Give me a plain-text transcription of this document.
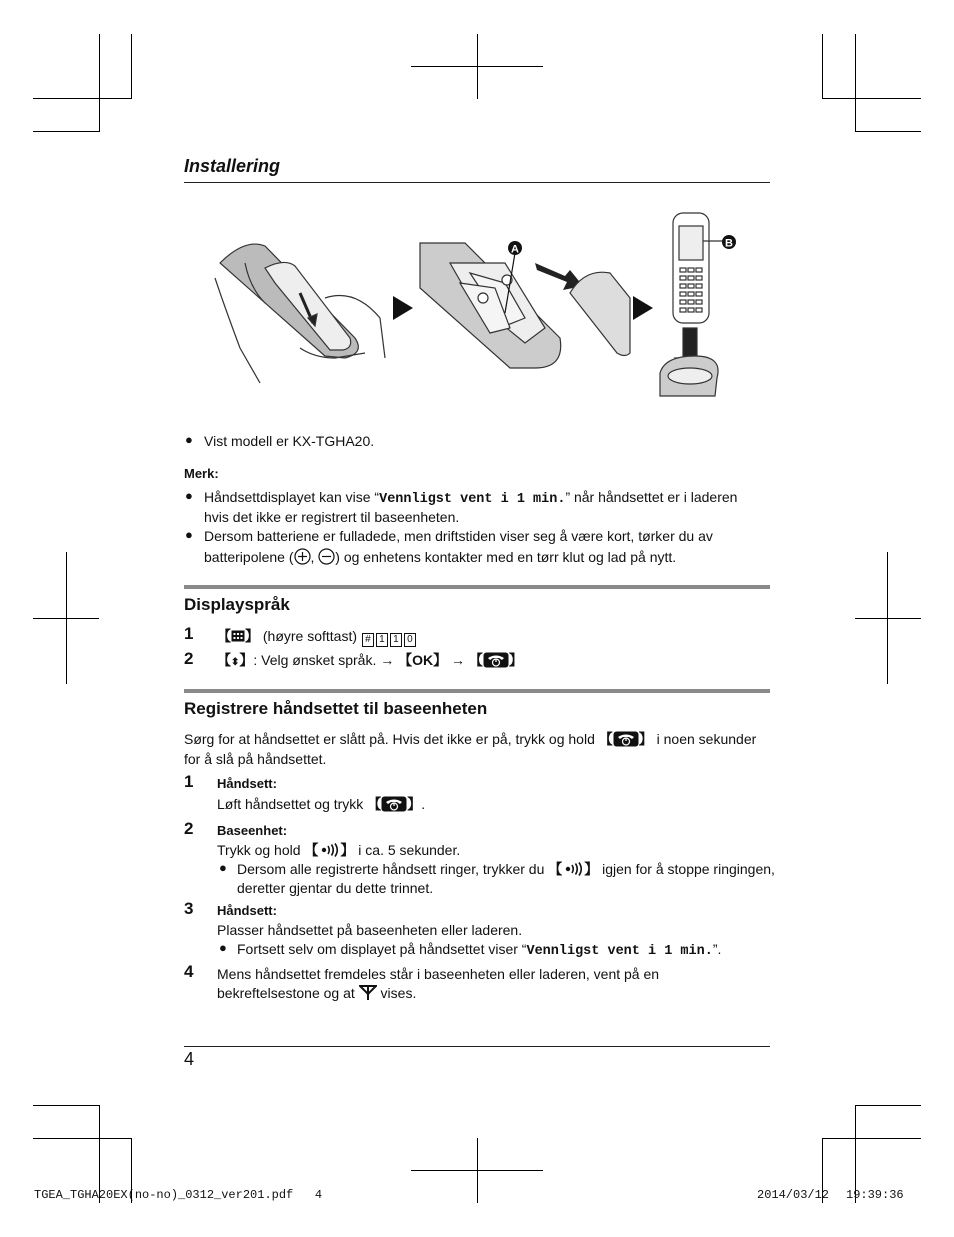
Installering
A	B
● Vist modell er KX-TGHA20.
Merk:
● Håndsettdisplayet kan vise “Vennligst vent i 1 min.” når håndsettet er i laderen
hvis det ikke er registrert til baseenheten.
● Dersom batteriene er fulladede, men driftstiden viser seg å være kort, tørker du av
batteripolene ( , ) og enhetens kontakter med en tørr klut og lad på nytt.
Displayspråk
1 【 】 (høyre softtast) # 1 1 0
2 【⬍】: Velg ønsket språk. → 【OK】 → 【 】
Registrere håndsettet til baseenheten
Sørg for at håndsettet er slått på. Hvis det ikke er på, trykk og hold 【 】 i noen sekunder
for å slå på håndsettet.
1 Håndsett:
Løft håndsettet og trykk 【 】.
2 Baseenhet:
Trykk og hold 【 】 i ca. 5 sekunder.
● Dersom alle registrerte håndsett ringer, trykker du 【 】 igjen for å stoppe ringingen,
deretter gjentar du dette trinnet.
3 Håndsett:
Plasser håndsettet på baseenheten eller laderen.
● Fortsett selv om displayet på håndsettet viser “Vennligst vent i 1 min.”.
4 Mens håndsettet fremdeles står i baseenheten eller laderen, vent på en
bekreftelsestone og at  vises.
4
TGEA_TGHA20EX(no-no)_0312_ver201.pdf   4	2014/03/12 19:39:36
